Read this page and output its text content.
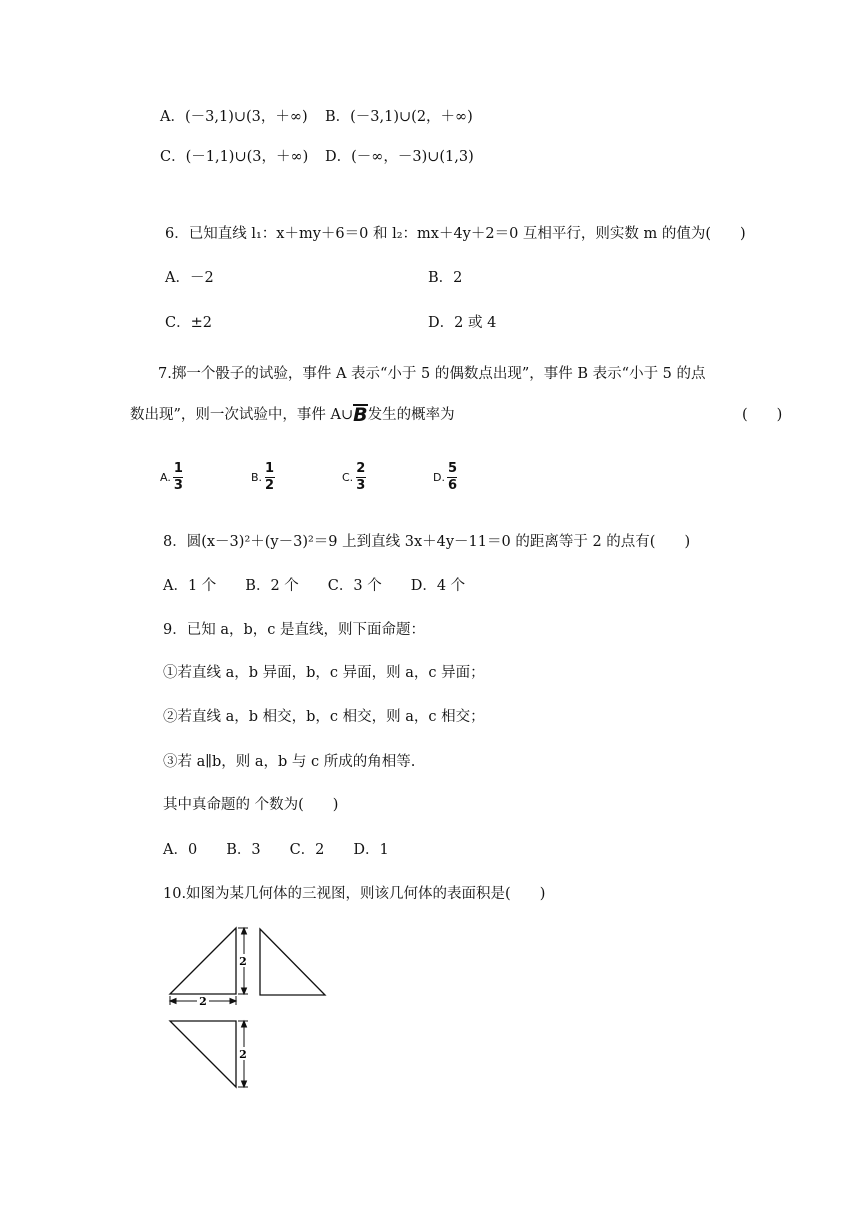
A．(－3,1)∪(3，＋∞) B．(－3,1)∪(2，＋∞)
C．(－1,1)∪(3，＋∞) D．(－∞，－3)∪(1,3)
6．已知直线 l₁：x＋my＋6＝0 和 l₂：mx＋4y＋2＝0 互相平行，则实数 m 的值为(　　)
A．－2	B．2
C．±2	D．2 或 4
7.掷一个骰子的试验，事件 A 表示“小于 5 的偶数点出现”，事件 B 表示“小于 5 的点
数出现”，则一次试验中，事件 A∪B发生的概率为	(　　)
A. $\frac{1}{3}$	B. $\frac{1}{2}$	C. $\frac{2}{3}$	D. $\frac{5}{6}$
8．圆(x－3)²＋(y－3)²＝9 上到直线 3x＋4y－11＝0 的距离等于 2 的点有(　　)
A．1 个　　B．2 个　　C．3 个　　D．4 个
9．已知 a，b，c 是直线，则下面命题：
①若直线 a，b 异面，b，c 异面，则 a，c 异面；
②若直线 a，b 相交，b，c 相交，则 a，c 相交；
③若 a∥b，则 a，b 与 c 所成的角相等.
其中真命题的 个数为(　　)
A．0　　B．3　　C．2　　D．1
10.如图为某几何体的三视图，则该几何体的表面积是(　　)
2
2
2
